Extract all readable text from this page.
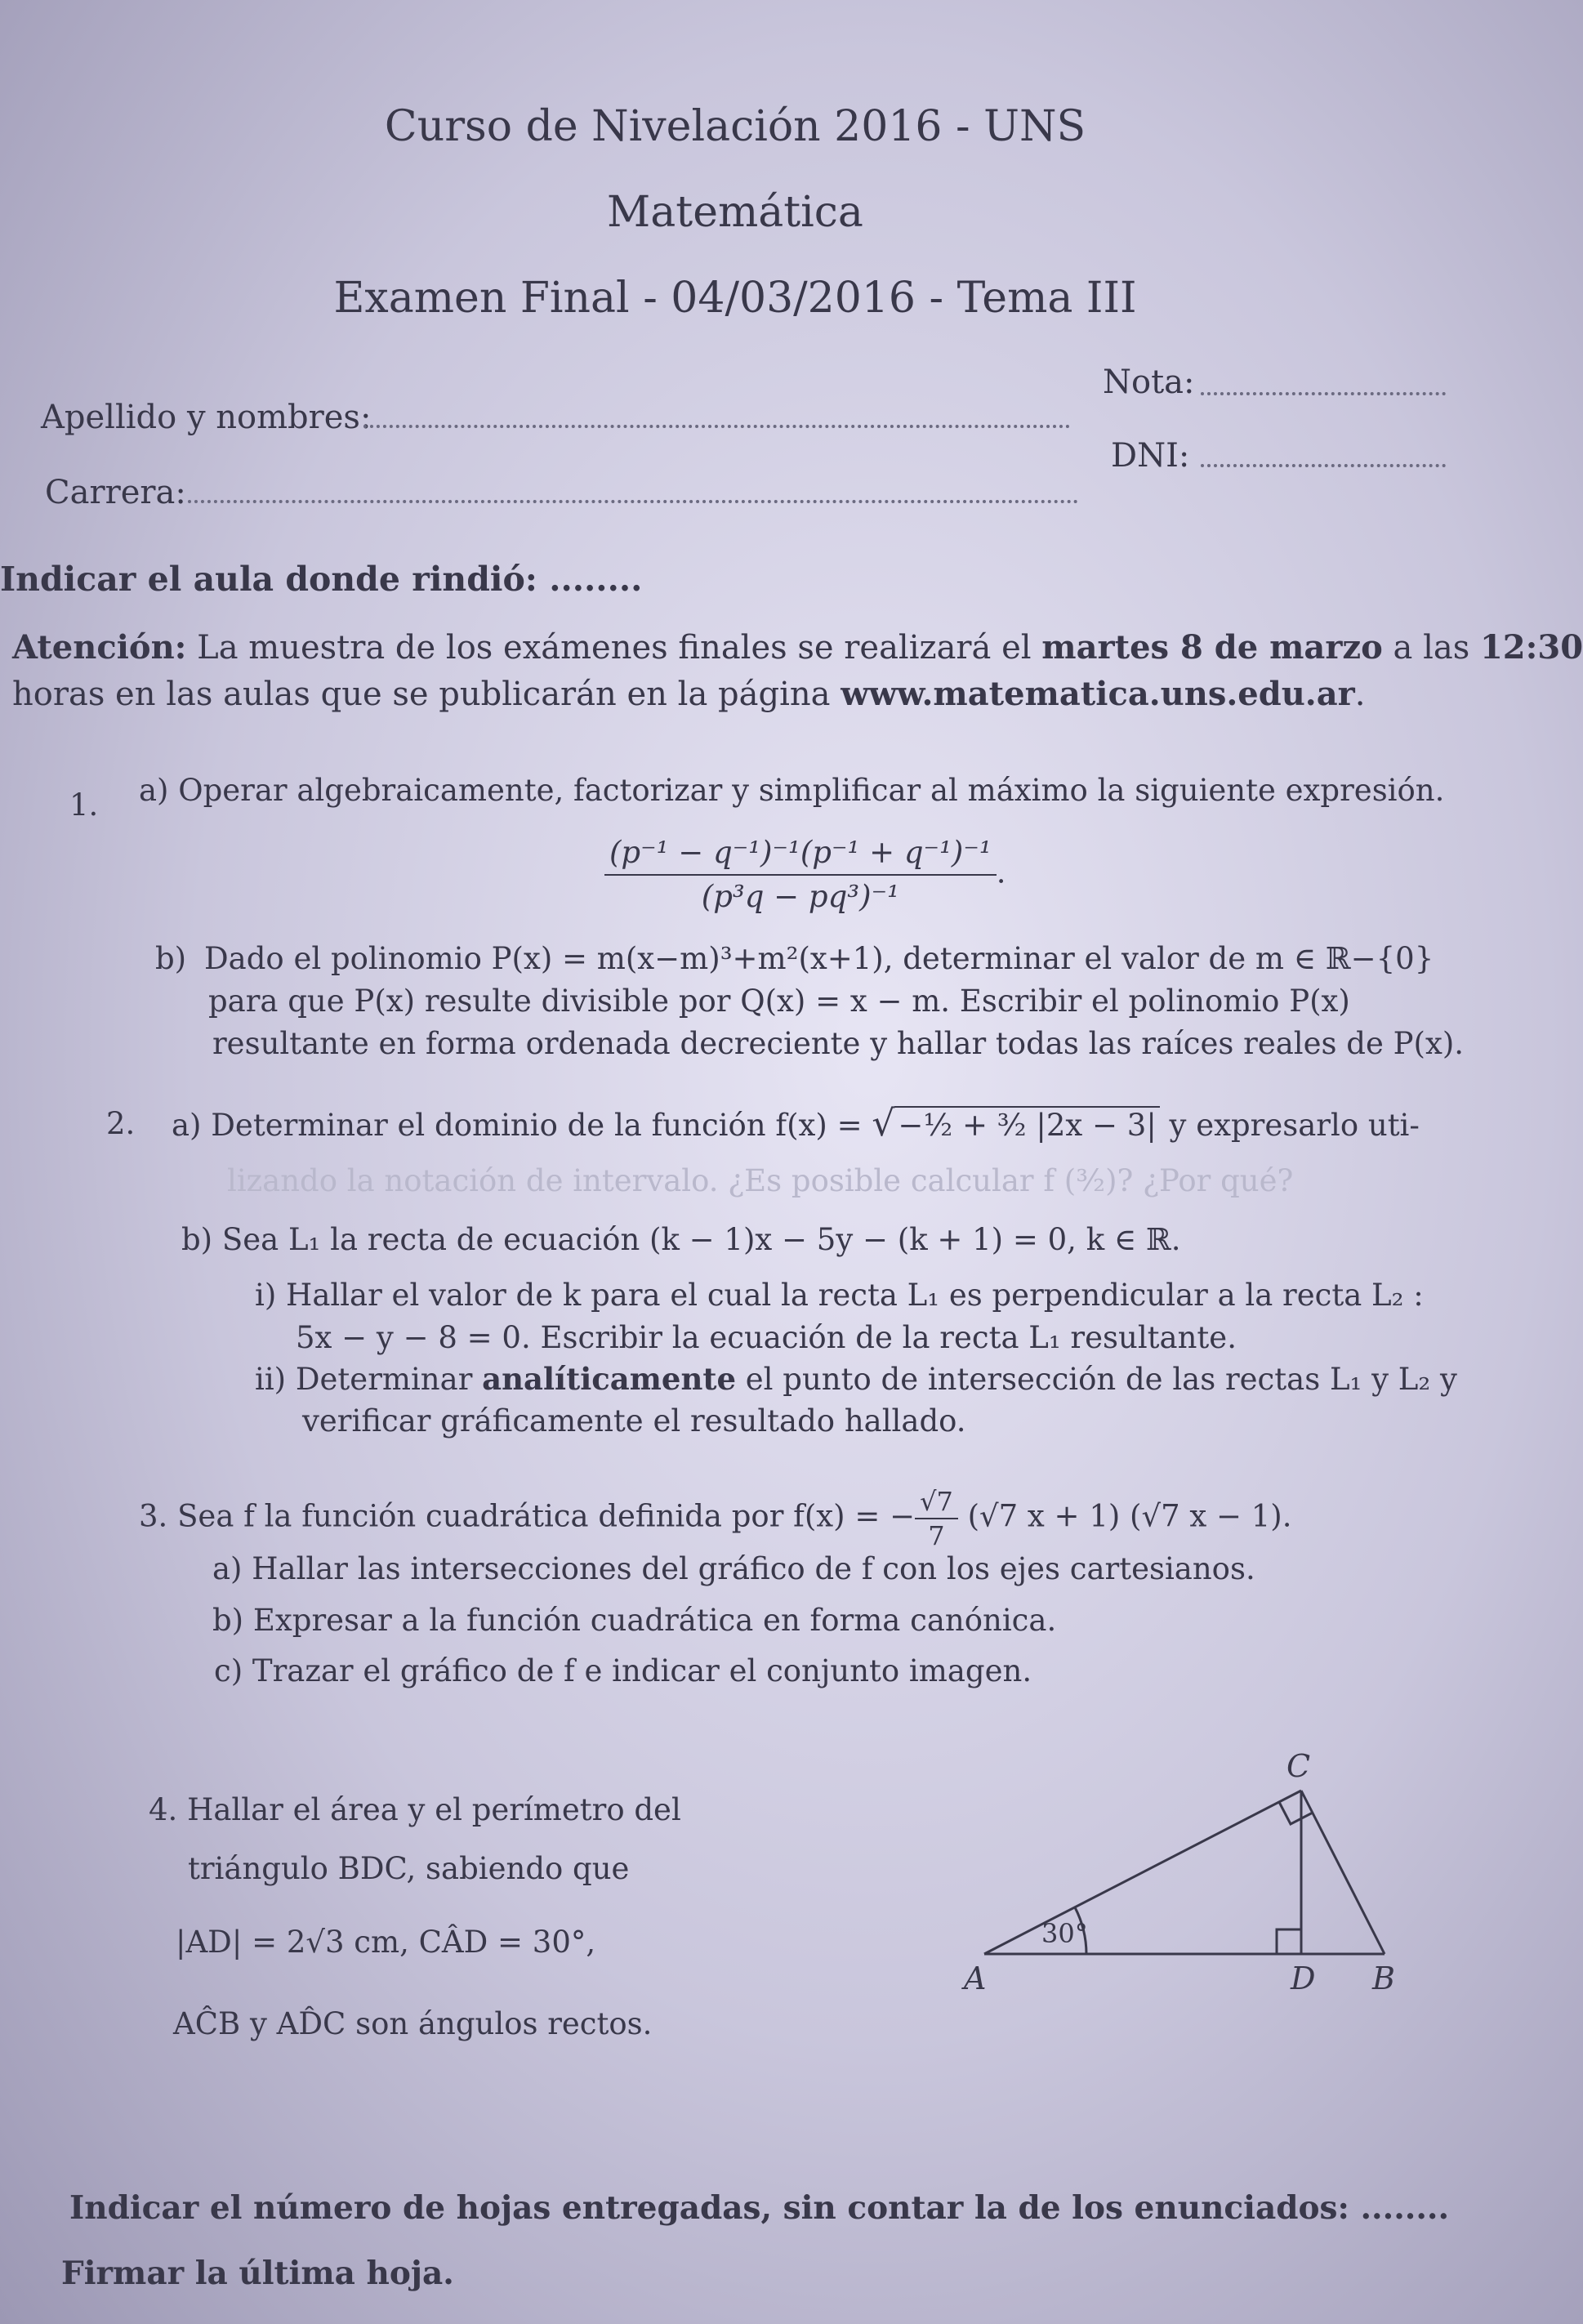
Curso de Nivelación 2016 - UNS
Matemática
Examen Final - 04/03/2016 - Tema III
Apellido y nombres:
Nota:
Carrera:
DNI:
Indicar el aula donde rindió: ........
Atención: La muestra de los exámenes finales se realizará el martes 8 de marzo a las 12:30
horas en las aulas que se publicarán en la página www.matematica.uns.edu.ar.
1. a) Operar algebraicamente, factorizar y simplificar al máximo la siguiente expresión.
$\frac{\text{(p⁻¹ − q⁻¹)⁻¹(p⁻¹ + q⁻¹)⁻¹}}{\text{(p³q − pq³)⁻¹}}$ .
b) Dado el polinomio P(x) = m(x−m)³+m²(x+1), determinar el valor de m ∈ ℝ−{0}
para que P(x) resulte divisible por Q(x) = x − m. Escribir el polinomio P(x)
resultante en forma ordenada decreciente y hallar todas las raíces reales de P(x).
2. a) Determinar el dominio de la función f(x) = √ −½ + ³⁄₂ |2x − 3| y expresarlo uti-
lizando la notación de intervalo. ¿Es posible calcular f (³⁄₂)? ¿Por qué?
b) Sea L₁ la recta de ecuación (k − 1)x − 5y − (k + 1) = 0, k ∈ ℝ.
i) Hallar el valor de k para el cual la recta L₁ es perpendicular a la recta L₂ :
5x − y − 8 = 0. Escribir la ecuación de la recta L₁ resultante.
ii) Determinar analíticamente el punto de intersección de las rectas L₁ y L₂ y
verificar gráficamente el resultado hallado.
3. Sea f la función cuadrática definida por f(x) = − $\frac{√7}{7} (√7$ x + 1) (√7 x − 1).
a) Hallar las intersecciones del gráfico de f con los ejes cartesianos.
b) Expresar a la función cuadrática en forma canónica.
c) Trazar el gráfico de f e indicar el conjunto imagen.
4. Hallar el área y el perímetro del
triángulo BDC, sabiendo que
|AD| = 2√3 cm, CÂD = 30°,
AĈB y AD̂C son ángulos rectos.
C
A	D B
30°
Indicar el número de hojas entregadas, sin contar la de los enunciados: ........
Firmar la última hoja.
